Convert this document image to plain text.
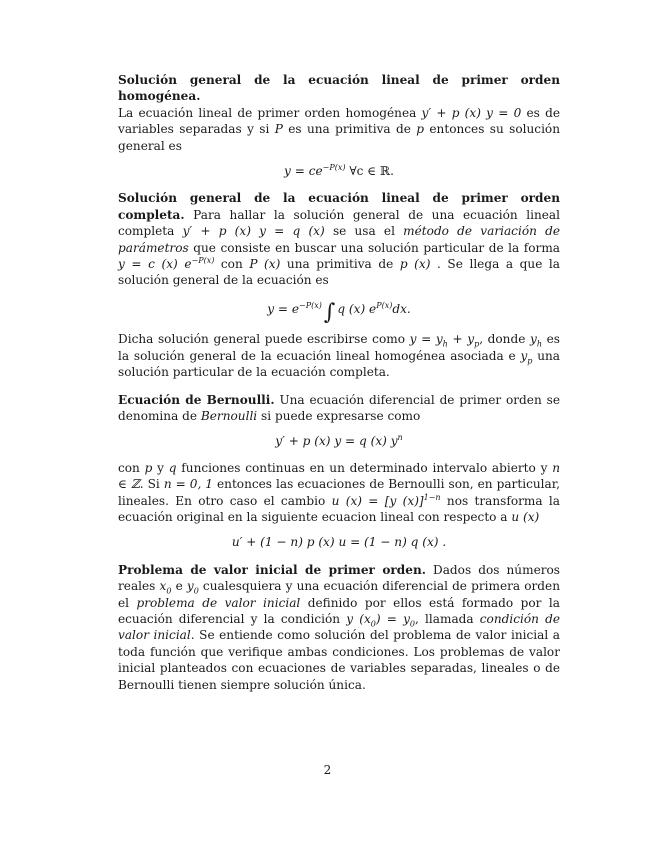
Solución general de la ecuación lineal de primer orden homogénea.
La ecuación lineal de primer orden homogénea y′ + p (x) y = 0 es de variables separadas y si P es una primitiva de p entonces su solución general es

$y = ce^{-P(x)}$ ∀c ∈ ℝ.

Solución general de la ecuación lineal de primer orden completa. Para hallar la solución general de una ecuación lineal completa y′ + p (x) y = q (x) se usa el método de variación de parámetros que consiste en buscar una solución particular de la forma y = c (x) $e^{-P(x)}$ con P (x) una primitiva de p (x) . Se llega a que la solución general de la ecuación es

$y = e^{-P(x)}\int$ q (x) $e^{P(x)}dx$.

Dicha solución general puede escribirse como $y = y_h + y_p$, donde $y_h$ es la solución general de la ecuación lineal homogénea asociada e $y_p$ una solución particular de la ecuación completa.

Ecuación de Bernoulli. Una ecuación diferencial de primer orden se denomina de Bernoulli si puede expresarse como

y′ + p (x) y = q (x) $y^n$

con p y q funciones continuas en un determinado intervalo abierto y n ∈ ℤ. Si n = 0, 1 entonces las ecuaciones de Bernoulli son, en particular, lineales. En otro caso el cambio u (x) = [y (x)]$^{1-n}$ nos transforma la ecuación original en la siguiente ecuacion lineal con respecto a u (x)

u′ + (1 − n) p (x) u = (1 − n) q (x) .

Problema de valor inicial de primer orden. Dados dos números reales $x_0$ e $y_0$ cualesquiera y una ecuación diferencial de primera orden el problema de valor inicial definido por ellos está formado por la ecuación diferencial y la condición y $(x_0) = y_0$, llamada condición de valor inicial. Se entiende como solución del problema de valor inicial a toda función que verifique ambas condiciones. Los problemas de valor inicial planteados con ecuaciones de variables separadas, lineales o de Bernoulli tienen siempre solución única.

2
